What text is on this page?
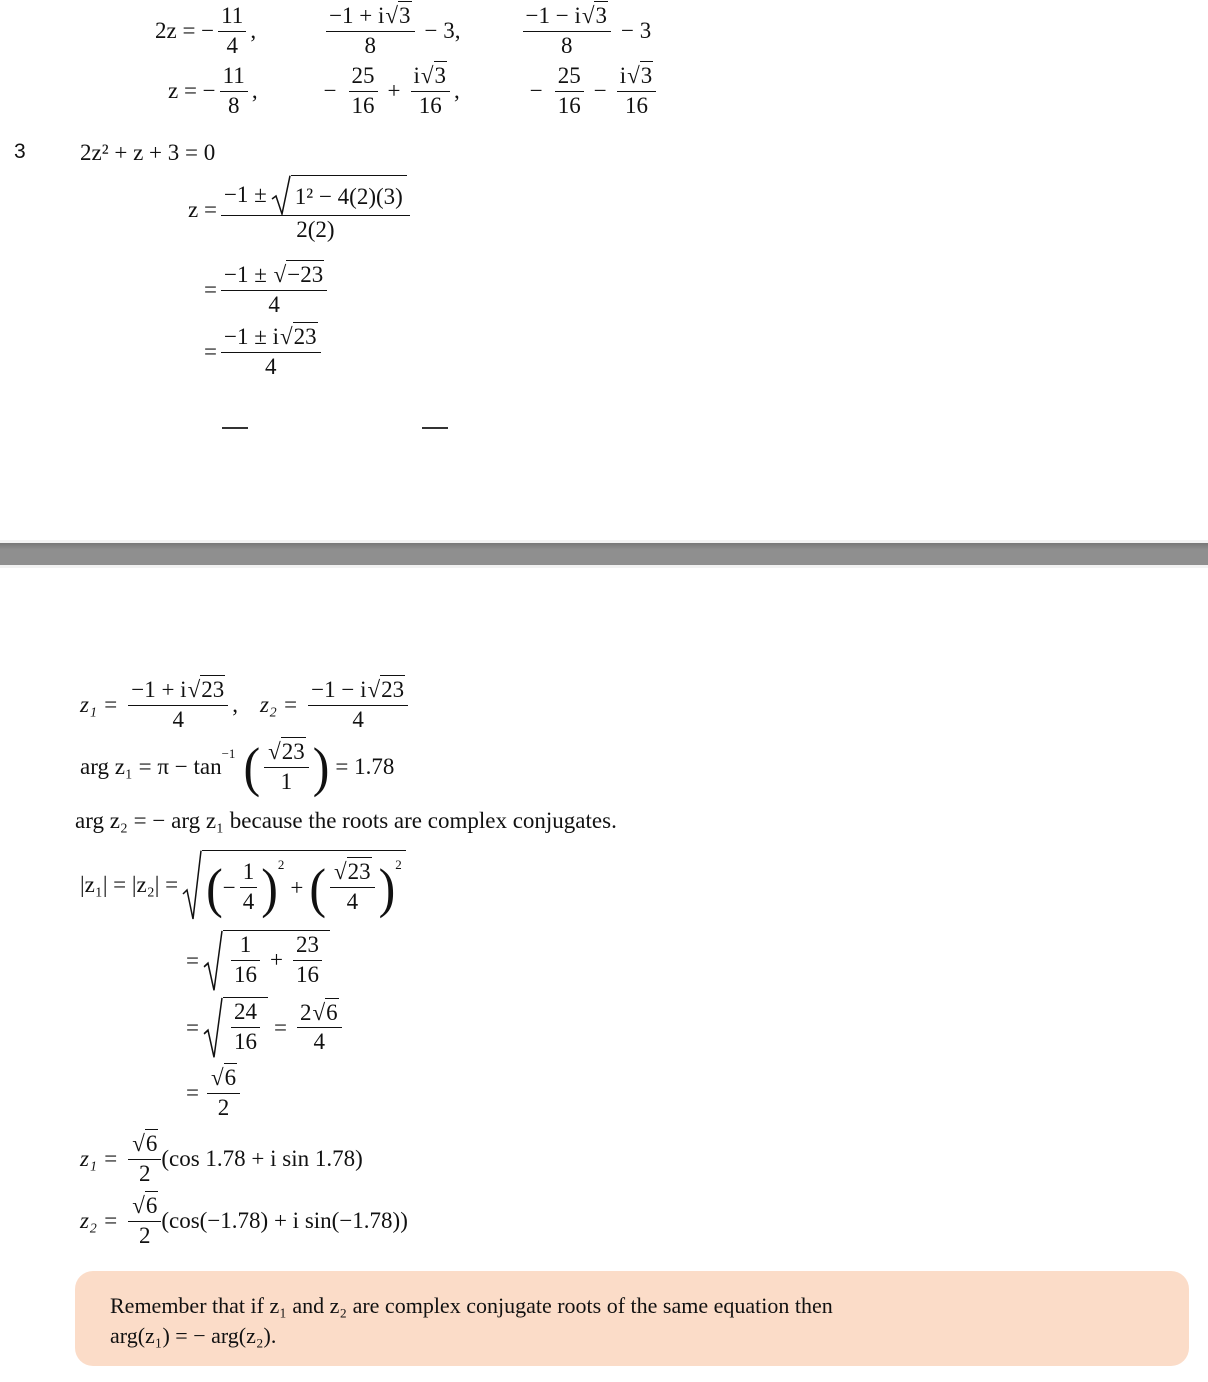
2z = − $\frac{11}{4}$ ,	$\frac{-1 + i√3}{8} - 3$,	$\frac{-1 - i√3}{8} - 3$
z = − $\frac{11}{8}$ ,	− $\frac{25}{16} + \frac{i√3}{16}$ ,	− $\frac{25}{16} - \frac{i√3}{16}$
3 2z² + z + 3 = 0
$z = \frac{\text{−1 ± 1² − 4(2)(3)}}{2(2)}$
= $\frac{-1 \pm √-23}{4}$
= $\frac{-1 \pm i√23}{4}$
$z_1 = \frac{-1 + i√23}{4}$ , $z_2 = \frac{-1 - i√23}{4}$
arg z₁ = π − tan
$^{-1}$ ( $\frac{√23}{1}$ ) = 1.78
arg z₂ = − arg z₁ because the roots are complex conjugates.
|z₁| = |z₂| = ( − $\frac{1}{4} )^2$
+ ( $\frac{√23}{4} )^2$
= $\frac{1}{16} + \frac{23}{16}$
= $\frac{24}{16} = \frac{2√6}{4}$
= $\frac{√6}{2}$
$z_1 = \frac{√6}{2} (\cos$ 1.78 + i sin 1.78)
$z_2 = \frac{√6}{2} (\cos(-1.78) + i$ sin(−1.78))
Remember that if z₁ and z₂ are complex conjugate roots of the same equation then
arg(z₁) = − arg(z₂).
